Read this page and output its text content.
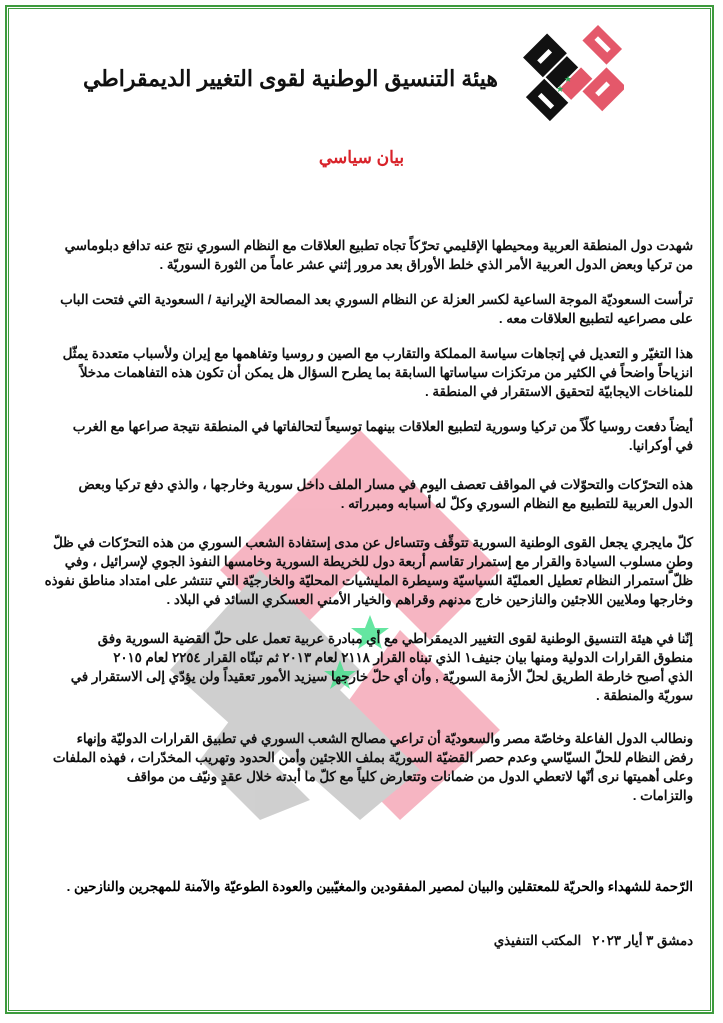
★
★
هيئة التنسيق الوطنية لقوى التغيير الديمقراطي
بيان سياسي
شهدت دول المنطقة العربية ومحيطها الإقليمي تحرّكاً تجاه تطبيع العلاقات مع النظام السوري نتج عنه تدافع دبلوماسي
من تركيا وبعض الدول العربية الأمر الذي خلط الأوراق بعد مرور إثني عشر عاماً من الثورة السوريّة .
ترأست السعوديّة الموجة الساعية لكسر العزلة عن النظام السوري بعد المصالحة الإيرانية / السعودية التي فتحت الباب
على مصراعيه لتطبيع العلاقات معه .
هذا التغيّر و التعديل في إتجاهات سياسة المملكة والتقارب مع الصين و روسيا وتفاهمها مع إيران ولأسباب متعددة يمثّل
انزياحاً واضحاً في الكثير من مرتكزات سياساتها السابقة بما يطرح السؤال هل يمكن أن تكون هذه التفاهمات مدخلاً
للمناخات الايجابيّة لتحقيق الاستقرار في المنطقة .
أيضاً دفعت روسيا كلّاً من تركيا وسورية لتطبيع العلاقات بينهما توسيعاً لتحالفاتها في المنطقة نتيجة صراعها مع الغرب
في أوكرانيا.
هذه التحرّكات والتحوّلات في المواقف تعصف اليوم في مسار الملف داخل سورية وخارجها ، والذي دفع تركيا وبعض
الدول العربية للتطبيع مع النظام السوري وكلّ له أسبابه ومبرراته .
كلّ مايجري يجعل القوى الوطنية السورية تتوقّف وتتساءل عن مدى إستفادة الشعب السوري من هذه التحرّكات في ظلّ
وطنٍ مسلوب السيادة والقرار مع إستمرار تقاسم أربعة دول للخريطة السورية وخامسها النفوذ الجوي لإسرائيل ، وفي
ظلّ استمرار النظام تعطيل العمليّة السياسيّة وسيطرة المليشيات المحليّة والخارجيّة التي تنتشر على امتداد مناطق نفوذه
وخارجها وملايين اللاجئين والنازحين خارج مدنهم وقراهم والخيار الأمني العسكري السائد في البلاد .
إنّنا في هيئة التنسيق الوطنية لقوى التغيير الديمقراطي مع أي مبادرة عربية تعمل على حلّ القضية السورية وفق
منطوق القرارات الدولية ومنها بيان جنيف١ الذي تبناه القرار ٢١١٨ لعام ٢٠١٣ ثم تبنّاه القرار ٢٢٥٤ لعام ٢٠١٥
الذي أصبح خارطة الطريق لحلّ الأزمة السوريّة , وأن أي حلّ خارجها سيزيد الأمور تعقيداً ولن يؤدّي إلى الاستقرار في
سوريّة والمنطقة .
ونطالب الدول الفاعلة وخاصّة مصر والسعوديّة أن تراعي مصالح الشعب السوري في تطبيق القرارات الدوليّة وإنهاء
رفض النظام للحلّ السيّاسي وعدم حصر القضيّة السوريّة بملف اللاجئين وأمن الحدود وتهريب المخدّرات ، فهذه الملفات
وعلى أهميتها نرى أنّها لاتعطي الدول من ضمانات وتتعارض كلياً مع كلّ ما أبدته خلال عقدٍ ونيّف من مواقف
والتزامات .
الرّحمة للشهداء والحريّة للمعتقلين والبيان لمصير المفقودين والمغيّبين والعودة الطوعيّة والآمنة للمهجرين والنازحين .
دمشق ٣ أيار ٢٠٢٣   المكتب التنفيذي
